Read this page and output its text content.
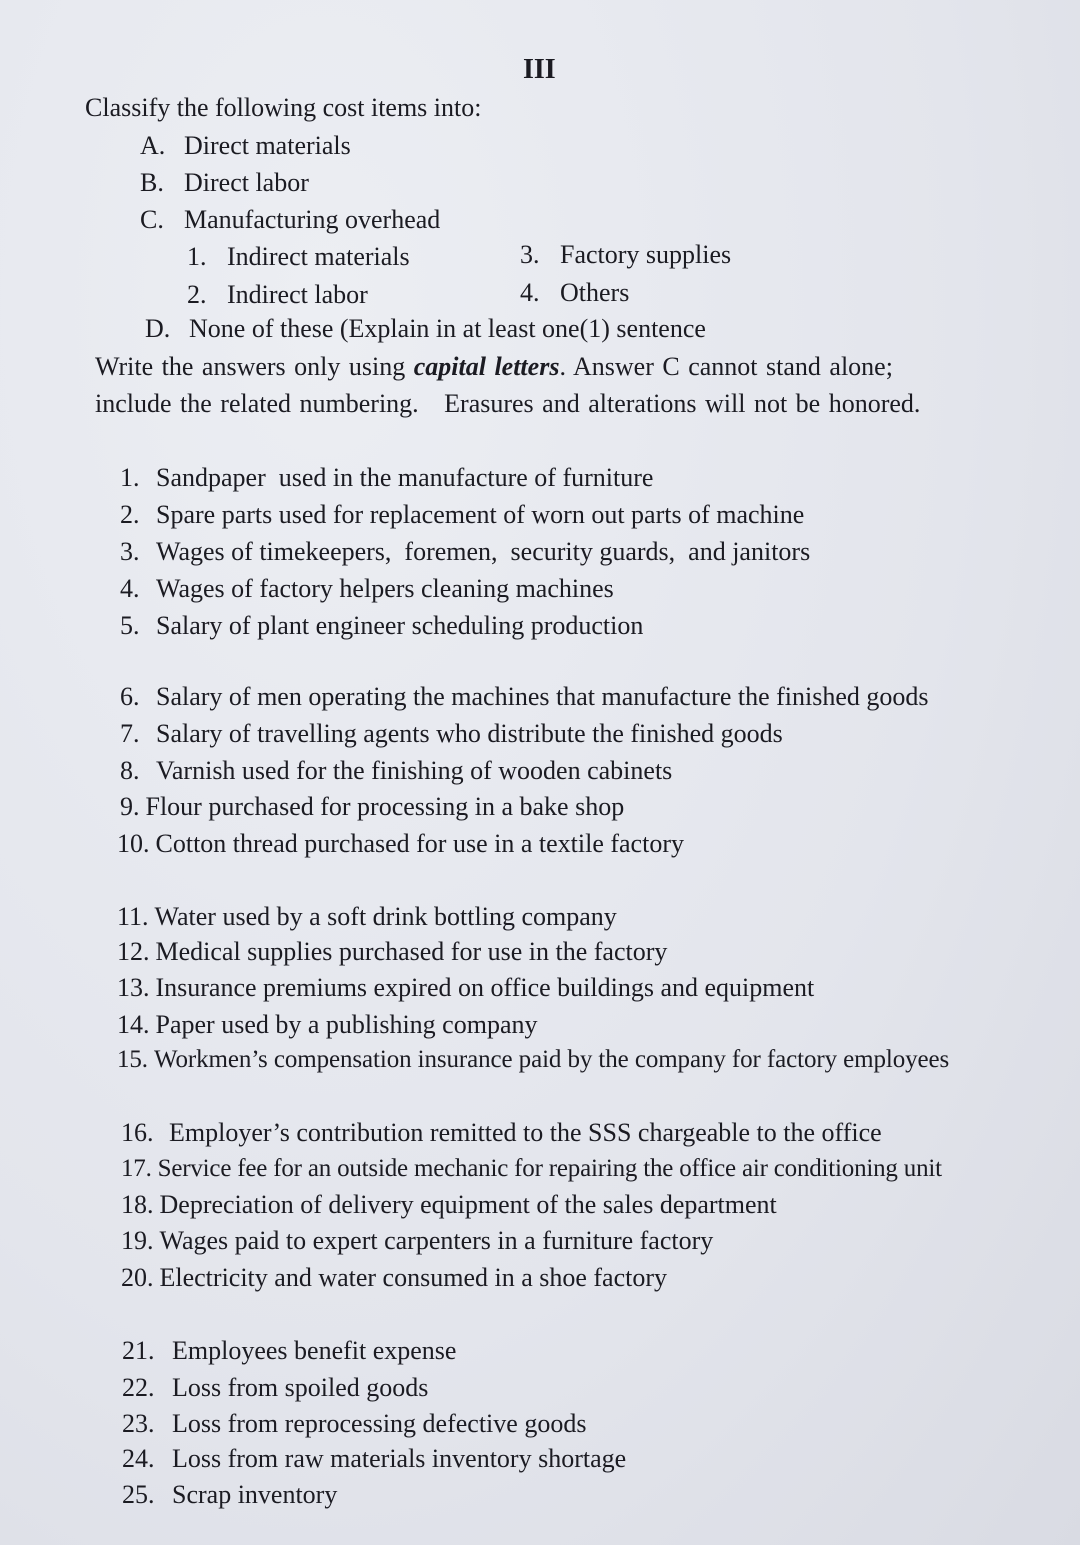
III
Classify the following cost items into:
A. Direct materials
B. Direct labor
C. Manufacturing overhead
1. Indirect materials	3. Factory supplies
2. Indirect labor	4. Others
D. None of these (Explain in at least one(1) sentence
Write the answers only using capital letters. Answer C cannot stand alone;
include the related numbering.   Erasures and alterations will not be honored.
1. Sandpaper  used in the manufacture of furniture
2. Spare parts used for replacement of worn out parts of machine
3. Wages of timekeepers,  foremen,  security guards,  and janitors
4. Wages of factory helpers cleaning machines
5. Salary of plant engineer scheduling production
6. Salary of men operating the machines that manufacture the finished goods
7. Salary of travelling agents who distribute the finished goods
8. Varnish used for the finishing of wooden cabinets
9. Flour purchased for processing in a bake shop
10. Cotton thread purchased for use in a textile factory
11. Water used by a soft drink bottling company
12. Medical supplies purchased for use in the factory
13. Insurance premiums expired on office buildings and equipment
14. Paper used by a publishing company
15. Workmen’s compensation insurance paid by the company for factory employees
16. Employer’s contribution remitted to the SSS chargeable to the office
17. Service fee for an outside mechanic for repairing the office air conditioning unit
18. Depreciation of delivery equipment of the sales department
19. Wages paid to expert carpenters in a furniture factory
20. Electricity and water consumed in a shoe factory
21. Employees benefit expense
22. Loss from spoiled goods
23. Loss from reprocessing defective goods
24. Loss from raw materials inventory shortage
25. Scrap inventory
